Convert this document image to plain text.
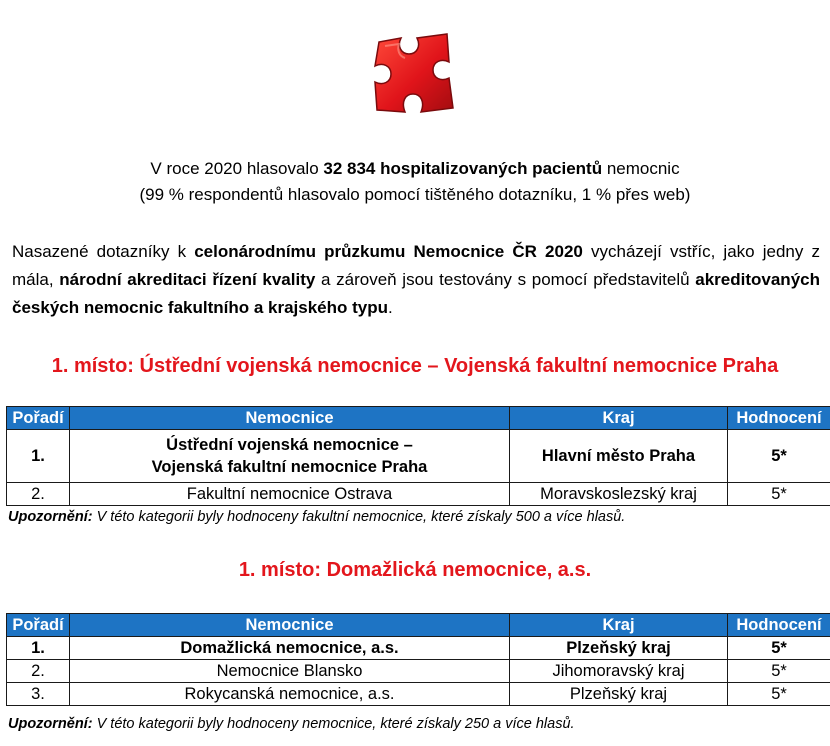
V roce 2020 hlasovalo 32 834 hospitalizovaných pacientů nemocnic
(99 % respondentů hlasovalo pomocí tištěného dotazníku, 1 % přes web)
Nasazené dotazníky k celonárodnímu průzkumu Nemocnice ČR 2020 vycházejí vstříc, jako jedny z mála, národní akreditaci řízení kvality a zároveň jsou testovány s pomocí představitelů akreditovaných českých nemocnic fakultního a krajského typu.
1. místo: Ústřední vojenská nemocnice – Vojenská fakultní nemocnice Praha
Pořadí	Nemocnice	Kraj	Hodnocení
1.	Ústřední vojenská nemocnice –
Vojenská fakultní nemocnice Praha	Hlavní město Praha	5*
2.	Fakultní nemocnice Ostrava	Moravskoslezský kraj	5*
Upozornění: V této kategorii byly hodnoceny fakultní nemocnice, které získaly 500 a více hlasů.
1. místo: Domažlická nemocnice, a.s.
Pořadí	Nemocnice	Kraj	Hodnocení
1.	Domažlická nemocnice, a.s.	Plzeňský kraj	5*
2.	Nemocnice Blansko	Jihomoravský kraj	5*
3.	Rokycanská nemocnice, a.s.	Plzeňský kraj	5*
Upozornění: V této kategorii byly hodnoceny nemocnice, které získaly 250 a více hlasů.
